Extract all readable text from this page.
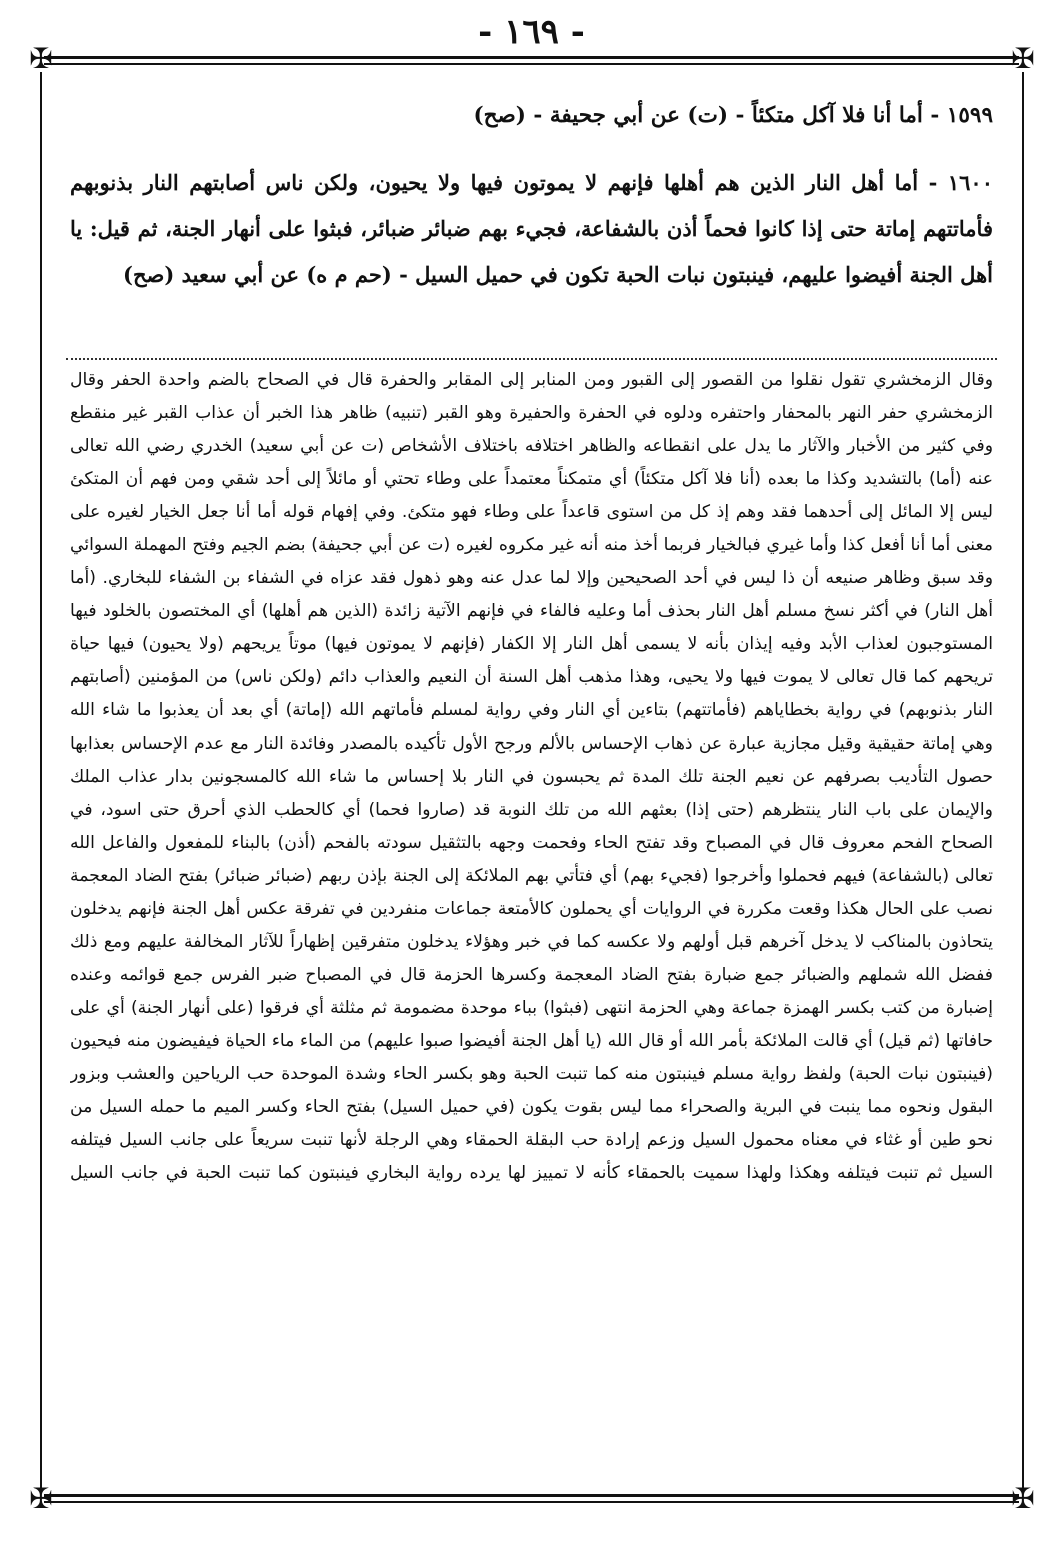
- ١٦٩ -
✠	✠
✠	✠
١٥٩٩ - أما أنا فلا آكل متكئاً - (ت) عن أبي جحيفة - (صح)
١٦٠٠ - أما أهل النار الذين هم أهلها فإنهم لا يموتون فيها ولا يحيون، ولكن ناس أصابتهم النار بذنوبهم فأماتتهم إماتة حتى إذا كانوا فحماً أذن بالشفاعة، فجيء بهم ضبائر ضبائر، فبثوا على أنهار الجنة، ثم قيل: يا أهل الجنة أفيضوا عليهم، فينبتون نبات الحبة تكون في حميل السيل - (حم م ه) عن أبي سعيد (صح)

وقال الزمخشري تقول نقلوا من القصور إلى القبور ومن المنابر إلى المقابر والحفرة قال في الصحاح بالضم واحدة الحفر وقال الزمخشري حفر النهر بالمحفار واحتفره ودلوه في الحفرة والحفيرة وهو القبر (تنبيه) ظاهر هذا الخبر أن عذاب القبر غير منقطع وفي كثير من الأخبار والآثار ما يدل على انقطاعه والظاهر اختلافه باختلاف الأشخاص (ت عن أبي سعيد) الخدري رضي الله تعالى عنه (أما) بالتشديد وكذا ما بعده (أنا فلا آكل متكئاً) أي متمكناً معتمداً على وطاء تحتي أو مائلاً إلى أحد شقي ومن فهم أن المتكئ ليس إلا المائل إلى أحدهما فقد وهم إذ كل من استوى قاعداً على وطاء فهو متكئ. وفي إفهام قوله أما أنا جعل الخيار لغيره على معنى أما أنا أفعل كذا وأما غيري فبالخيار فربما أخذ منه أنه غير مكروه لغيره (ت عن أبي جحيفة) بضم الجيم وفتح المهملة السوائي وقد سبق وظاهر صنيعه أن ذا ليس في أحد الصحيحين وإلا لما عدل عنه وهو ذهول فقد عزاه في الشفاء بن الشفاء للبخاري. (أما أهل النار) في أكثر نسخ مسلم أهل النار بحذف أما وعليه فالفاء في فإنهم الآتية زائدة (الذين هم أهلها) أي المختصون بالخلود فيها المستوجبون لعذاب الأبد وفيه إيذان بأنه لا يسمى أهل النار إلا الكفار (فإنهم لا يموتون فيها) موتاً يريحهم (ولا يحيون) فيها حياة تريحهم كما قال تعالى لا يموت فيها ولا يحيى، وهذا مذهب أهل السنة أن النعيم والعذاب دائم (ولكن ناس) من المؤمنين (أصابتهم النار بذنوبهم) في رواية بخطاياهم (فأماتتهم) بتاءين أي النار وفي رواية لمسلم فأماتهم الله (إماتة) أي بعد أن يعذبوا ما شاء الله وهي إماتة حقيقية وقيل مجازية عبارة عن ذهاب الإحساس بالألم ورجح الأول تأكيده بالمصدر وفائدة النار مع عدم الإحساس بعذابها حصول التأديب بصرفهم عن نعيم الجنة تلك المدة ثم يحبسون في النار بلا إحساس ما شاء الله كالمسجونين بدار عذاب الملك والإيمان على باب النار ينتظرهم (حتى إذا) بعثهم الله من تلك النوبة قد (صاروا فحما) أي كالحطب الذي أحرق حتى اسود، في الصحاح الفحم معروف قال في المصباح وقد تفتح الحاء وفحمت وجهه بالتثقيل سودته بالفحم (أذن) بالبناء للمفعول والفاعل الله تعالى (بالشفاعة) فيهم فحملوا وأخرجوا (فجيء بهم) أي فتأتي بهم الملائكة إلى الجنة بإذن ربهم (ضبائر ضبائر) بفتح الضاد المعجمة نصب على الحال هكذا وقعت مكررة في الروايات أي يحملون كالأمتعة جماعات منفردين في تفرقة عكس أهل الجنة فإنهم يدخلون يتحاذون بالمناكب لا يدخل آخرهم قبل أولهم ولا عكسه كما في خبر وهؤلاء يدخلون متفرقين إظهاراً للآثار المخالفة عليهم ومع ذلك ففضل الله شملهم والضبائر جمع ضبارة بفتح الضاد المعجمة وكسرها الحزمة قال في المصباح ضبر الفرس جمع قوائمه وعنده إضبارة من كتب بكسر الهمزة جماعة وهي الحزمة انتهى (فبثوا) بباء موحدة مضمومة ثم مثلثة أي فرقوا (على أنهار الجنة) أي على حافاتها (ثم قيل) أي قالت الملائكة بأمر الله أو قال الله (يا أهل الجنة أفيضوا صبوا عليهم) من الماء ماء الحياة فيفيضون منه فيحيون (فينبتون نبات الحبة) ولفظ رواية مسلم فينبتون منه كما تنبت الحبة وهو بكسر الحاء وشدة الموحدة حب الرياحين والعشب وبزور البقول ونحوه مما ينبت في البرية والصحراء مما ليس بقوت يكون (في حميل السيل) بفتح الحاء وكسر الميم ما حمله السيل من نحو طين أو غثاء في معناه محمول السيل وزعم إرادة حب البقلة الحمقاء وهي الرجلة لأنها تنبت سريعاً على جانب السيل فيتلفه السيل ثم تنبت فيتلفه وهكذا ولهذا سميت بالحمقاء كأنه لا تمييز لها يرده رواية البخاري فينبتون كما تنبت الحبة في جانب السيل
